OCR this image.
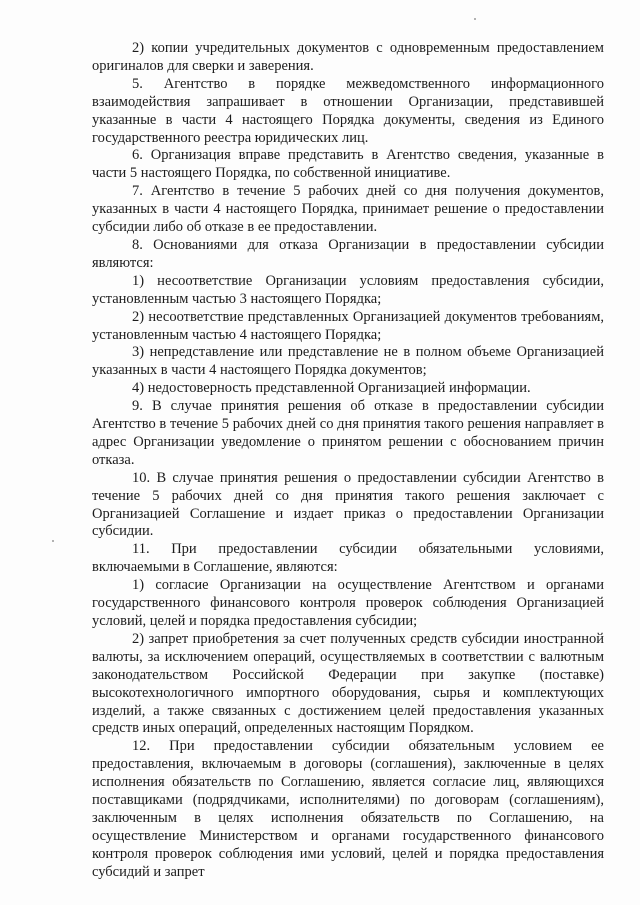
2) копии учредительных документов с одновременным предоставлением оригиналов для сверки и заверения.

5. Агентство в порядке межведомственного информационного взаимодействия запрашивает в отношении Организации, представившей указанные в части 4 настоящего Порядка документы, сведения из Единого государственного реестра юридических лиц.

6. Организация вправе представить в Агентство сведения, указанные в части 5 настоящего Порядка, по собственной инициативе.

7. Агентство в течение 5 рабочих дней со дня получения документов, указанных в части 4 настоящего Порядка, принимает решение о предоставлении субсидии либо об отказе в ее предоставлении.

8. Основаниями для отказа Организации в предоставлении субсидии являются:

1) несоответствие Организации условиям предоставления субсидии, установленным частью 3 настоящего Порядка;

2) несоответствие представленных Организацией документов требованиям, установленным частью 4 настоящего Порядка;

3) непредставление или представление не в полном объеме Организацией указанных в части 4 настоящего Порядка документов;

4) недостоверность представленной Организацией информации.

9. В случае принятия решения об отказе в предоставлении субсидии Агентство в течение 5 рабочих дней со дня принятия такого решения направляет в адрес Организации уведомление о принятом решении с обоснованием причин отказа.

10. В случае принятия решения о предоставлении субсидии Агентство в течение 5 рабочих дней со дня принятия такого решения заключает с Организацией Соглашение и издает приказ о предоставлении Организации субсидии.

11. При предоставлении субсидии обязательными условиями, включаемыми в Соглашение, являются:

1) согласие Организации на осуществление Агентством и органами государственного финансового контроля проверок соблюдения Организацией условий, целей и порядка предоставления субсидии;

2) запрет приобретения за счет полученных средств субсидии иностранной валюты, за исключением операций, осуществляемых в соответствии с валютным законодательством Российской Федерации при закупке (поставке) высокотехнологичного импортного оборудования, сырья и комплектующих изделий, а также связанных с достижением целей предоставления указанных средств иных операций, определенных настоящим Порядком.

12. При предоставлении субсидии обязательным условием ее предоставления, включаемым в договоры (соглашения), заключенные в целях исполнения обязательств по Соглашению, является согласие лиц, являющихся поставщиками (подрядчиками, исполнителями) по договорам (соглашениям), заключенным в целях исполнения обязательств по Соглашению, на осуществление Министерством и органами государственного финансового контроля проверок соблюдения ими условий, целей и порядка предоставления субсидий и запрет
